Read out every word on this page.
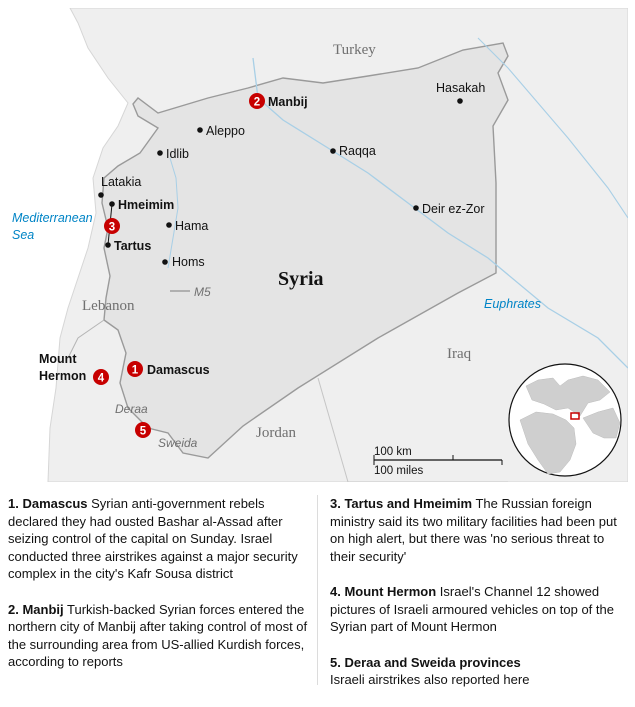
Turkey
Lebanon
Iraq
Jordan
Syria
Mediterranean
Sea
Euphrates
M5
Deraa
Sweida
Aleppo
Idlib
Latakia
Hama
Homs
Raqqa
Hasakah
Deir ez-Zor
2 Manbij
Hmeimim
Tartus
3
1 Damascus
4
Mount
Hermon
5
100 km
100 miles
1. Damascus Syrian anti-government rebels declared they had ousted Bashar al-Assad after seizing control of the capital on Sunday. Israel conducted three airstrikes against a major security complex in the city's Kafr Sousa district
2. Manbij Turkish-backed Syrian forces entered the northern city of Manbij after taking control of most of the surrounding area from US-allied Kurdish forces, according to reports
3. Tartus and Hmeimim The Russian foreign ministry said its two military facilities had been put on high alert, but there was 'no serious threat to their security'
4. Mount Hermon Israel's Channel 12 showed pictures of Israeli armoured vehicles on top of the Syrian part of Mount Hermon
5. Deraa and Sweida provinces
Israeli airstrikes also reported here
